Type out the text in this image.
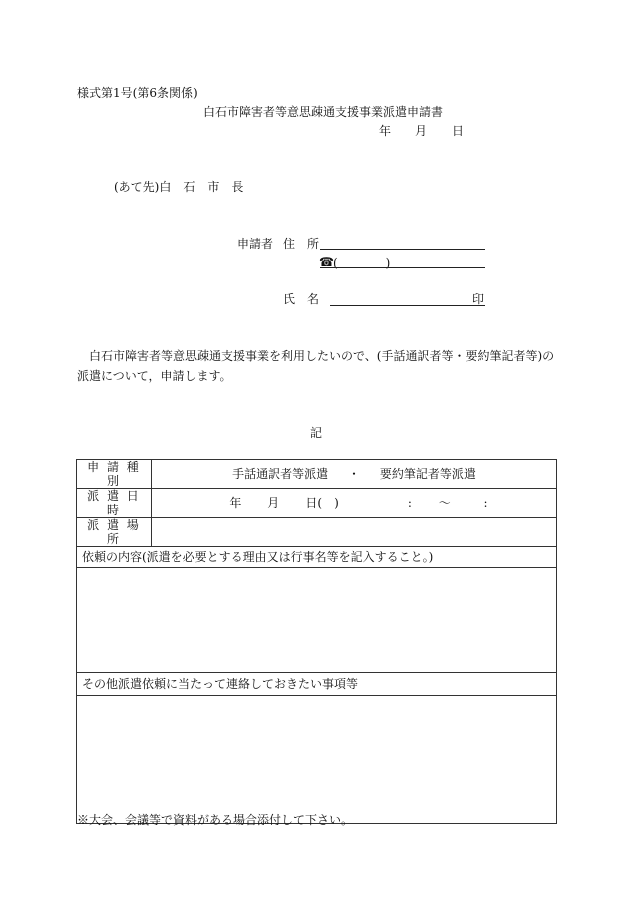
様式第1号(第6条関係)
白石市障害者等意思疎通支援事業派遣申請書
年 月 日
(あて先)白　石　市　長
申請者 住　所
☎ (　　　　)
氏　名	印
白石市障害者等意思疎通支援事業を利用したいので、(手話通訳者等・要約筆記者等)の
派遣について，申請します。
記
申 請 種 別	手話通訳者等派遣 ・ 要約筆記者等派遣
派 遣 日 時	年 月 日(　) : 〜 :
派 遣 場 所	
依頼の内容(派遣を必要とする理由又は行事名等を記入すること。)	

その他派遣依頼に当たって連絡しておきたい事項等	

※大会、会議等で資料がある場合添付して下さい。
